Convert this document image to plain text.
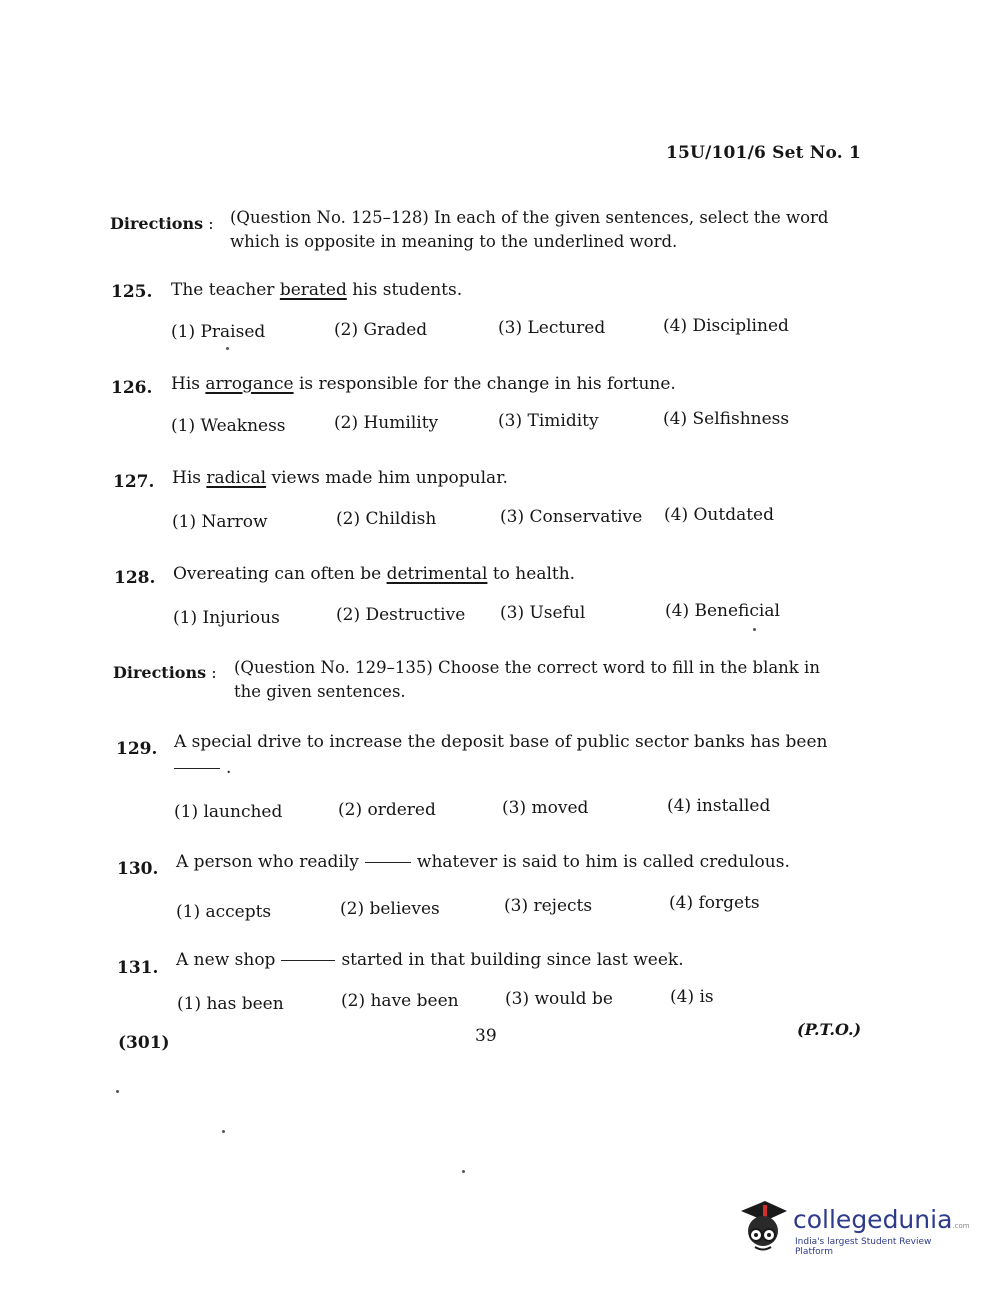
15U/101/6 Set No. 1
Directions : (Question No. 125–128) In each of the given sentences, select the word
which is opposite in meaning to the underlined word.
125. The teacher berated his students.
(1) Praised	(2) Graded	(3) Lectured	(4) Disciplined
126. His arrogance is responsible for the change in his fortune.
(1) Weakness	(2) Humility	(3) Timidity	(4) Selfishness
127. His radical views made him unpopular.
(1) Narrow	(2) Childish	(3) Conservative (4) Outdated
128. Overeating can often be detrimental to health.
(1) Injurious	(2) Destructive (3) Useful	(4) Beneficial
Directions : (Question No. 129–135) Choose the correct word to fill in the blank in
the given sentences.
129. A special drive to increase the deposit base of public sector banks has been
.
(1) launched	(2) ordered	(3) moved	(4) installed
130. A person who readily	whatever is said to him is called credulous.
(1) accepts	(2) believes	(3) rejects	(4) forgets
131. A new shop	started in that building since last week.
(1) has been	(2) have been	(3) would be	(4) is
(301)	39	(P.T.O.)
collegedunia.com
India's largest Student Review Platform
